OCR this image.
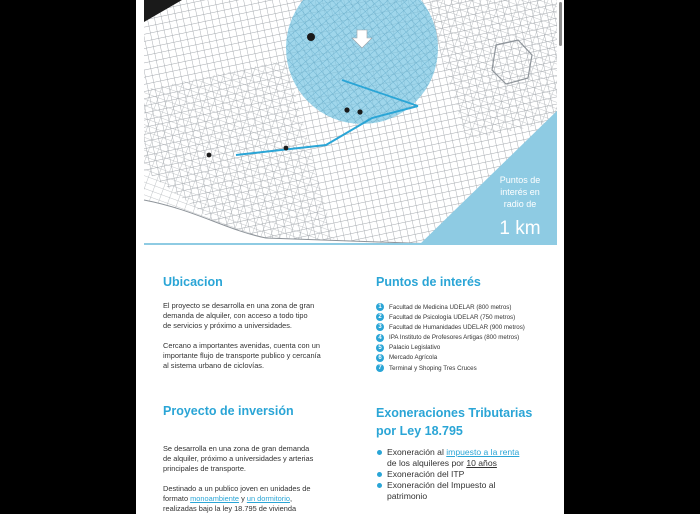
Puntos de
interés en
radio de
1 km
Ubicacion

El proyecto se desarrolla en una zona de gran
demanda de alquiler, con acceso a todo tipo
de servicios y próximo a universidades.

Cercano a importantes avenidas, cuenta con un
importante flujo de transporte publico y cercanía
al sistema urbano de ciclovías.

Puntos de interés
1	Facultad de Medicina UDELAR (800 metros)
2	Facultad de Psicología UDELAR (750 metros)
3	Facultad de Humanidades UDELAR (900 metros)
4	IPA Instituto de Profesores Artigas (800 metros)
5	Palacio Legislativo
6	Mercado Agrícola
7	Terminal y Shoping Tres Cruces
Proyecto de inversión

Se desarrolla en una zona de gran demanda
de alquiler, próximo a universidades y arterias
principales de transporte.

Destinado a un publico joven en unidades de
formato monoambiente y un dormitorio,
realizadas bajo la ley 18.795 de vivienda

Exoneraciones Tributarias
por Ley 18.795
Exoneración al impuesto a la renta
de los alquileres por 10 años
Exoneración del ITP
Exoneración del Impuesto al
patrimonio
